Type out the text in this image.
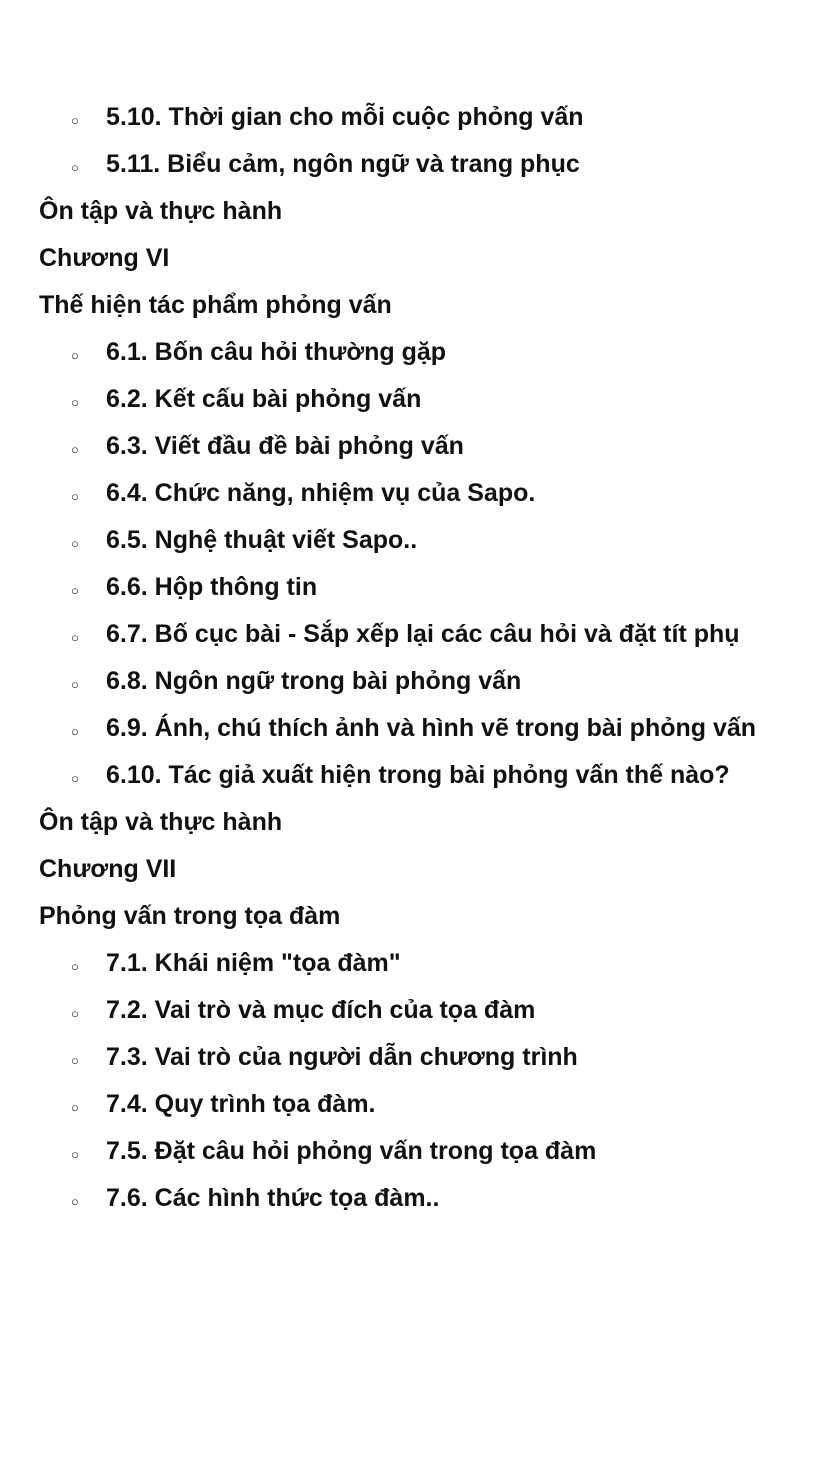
○ 5.10. Thời gian cho mỗi cuộc phỏng vấn
○ 5.11. Biểu cảm, ngôn ngữ và trang phục
Ôn tập và thực hành
Chương VI
Thế hiện tác phẩm phỏng vấn
○ 6.1. Bốn câu hỏi thường gặp
○ 6.2. Kết cấu bài phỏng vấn
○ 6.3. Viết đầu đề bài phỏng vấn
○ 6.4. Chức năng, nhiệm vụ của Sapo.
○ 6.5. Nghệ thuật viết Sapo..
○ 6.6. Hộp thông tin
○ 6.7. Bố cục bài - Sắp xếp lại các câu hỏi và đặt tít phụ
○ 6.8. Ngôn ngữ trong bài phỏng vấn
○ 6.9. Ánh, chú thích ảnh và hình vẽ trong bài phỏng vấn
○ 6.10. Tác giả xuất hiện trong bài phỏng vấn thế nào?
Ôn tập và thực hành
Chương VII
Phỏng vấn trong tọa đàm
○ 7.1. Khái niệm "tọa đàm"
○ 7.2. Vai trò và mục đích của tọa đàm
○ 7.3. Vai trò của người dẫn chương trình
○ 7.4. Quy trình tọa đàm.
○ 7.5. Đặt câu hỏi phỏng vấn trong tọa đàm
○ 7.6. Các hình thức tọa đàm..
